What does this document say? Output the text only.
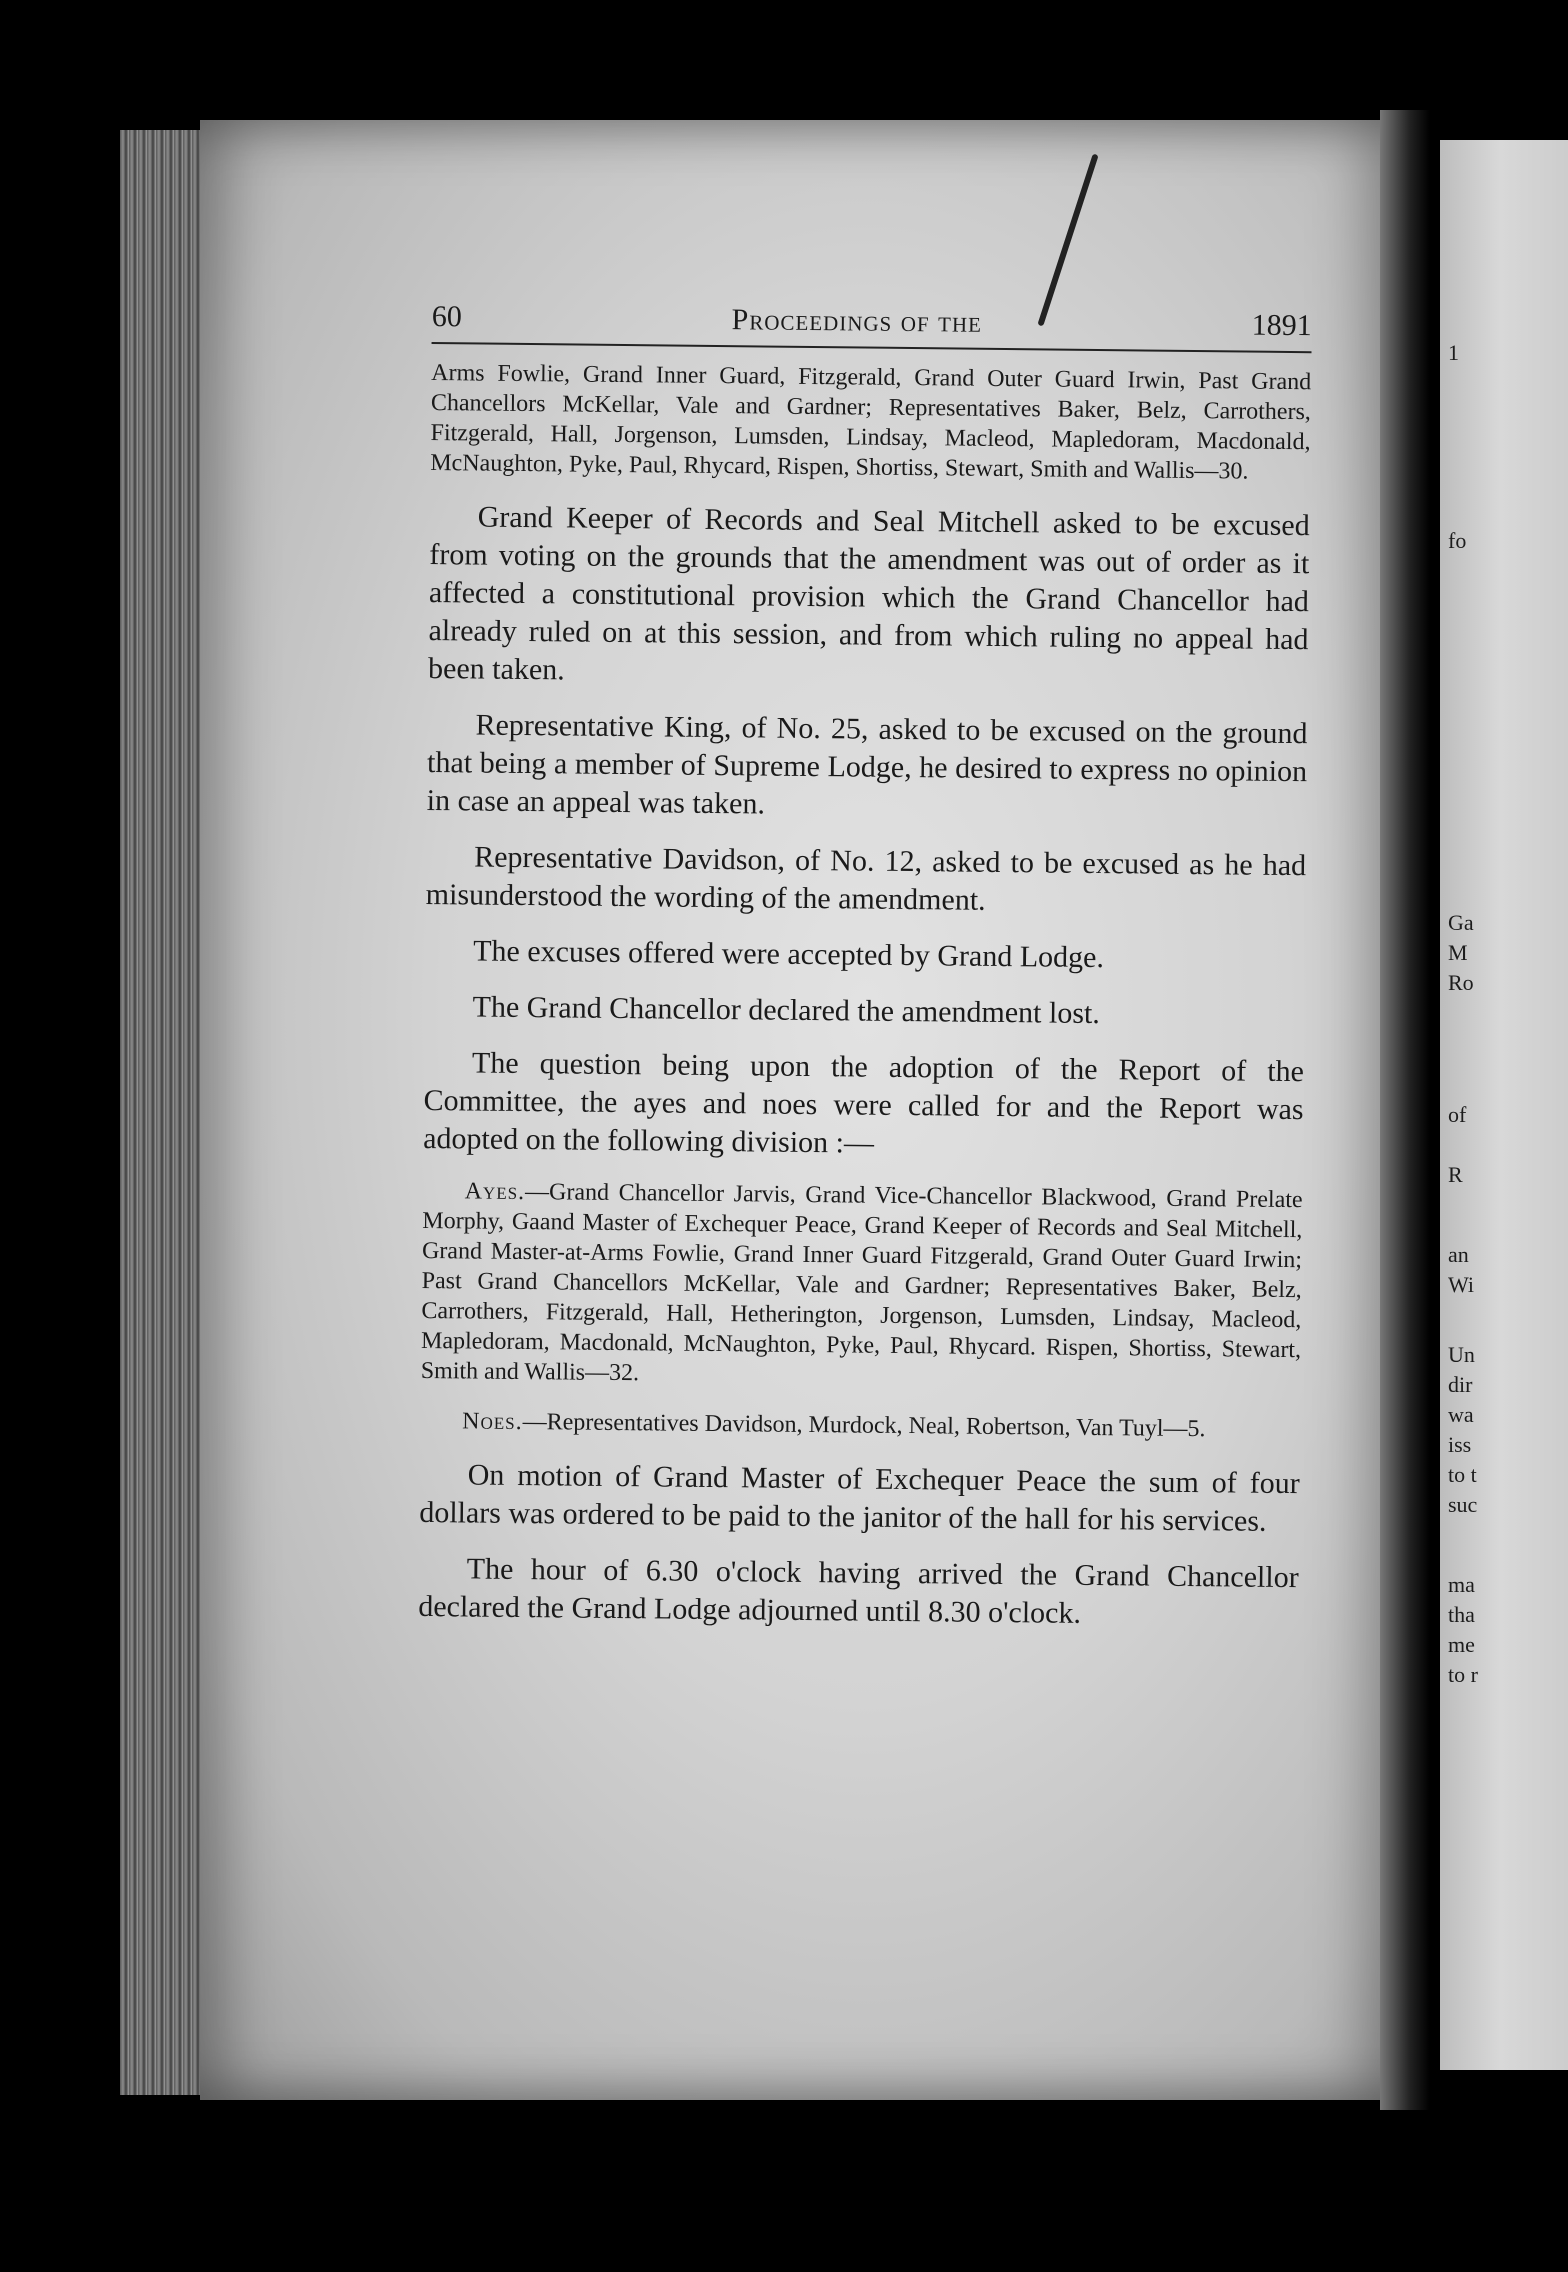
1

fo

Ga

M

Ro

of

R

an

Wi

Un

dir

wa

iss

to t

suc

ma

tha

me

to r

60	Proceedings of the	1891

Arms Fowlie, Grand Inner Guard, Fitzgerald, Grand Outer Guard Irwin, Past Grand Chancellors McKellar, Vale and Gardner; Representatives Baker, Belz, Carrothers, Fitzgerald, Hall, Jorgenson, Lumsden, Lindsay, Macleod, Mapledoram, Macdonald, McNaughton, Pyke, Paul, Rhycard, Rispen, Shortiss, Stewart, Smith and Wallis—30.

Grand Keeper of Records and Seal Mitchell asked to be excused from voting on the grounds that the amendment was out of order as it affected a constitutional provision which the Grand Chancellor had already ruled on at this session, and from which ruling no appeal had been taken.

Representative King, of No. 25, asked to be excused on the ground that being a member of Supreme Lodge, he desired to express no opinion in case an appeal was taken.

Representative Davidson, of No. 12, asked to be excused as he had misunderstood the wording of the amendment.

The excuses offered were accepted by Grand Lodge.

The Grand Chancellor declared the amendment lost.

The question being upon the adoption of the Report of the Committee, the ayes and noes were called for and the Report was adopted on the following division :—

Ayes.—Grand Chancellor Jarvis, Grand Vice-Chancellor Blackwood, Grand Prelate Morphy, Gaand Master of Exchequer Peace, Grand Keeper of Records and Seal Mitchell, Grand Master-at-Arms Fowlie, Grand Inner Guard Fitzgerald, Grand Outer Guard Irwin; Past Grand Chancellors McKellar, Vale and Gardner; Representatives Baker, Belz, Carrothers, Fitzgerald, Hall, Hetherington, Jorgenson, Lumsden, Lindsay, Macleod, Mapledoram, Macdonald, McNaughton, Pyke, Paul, Rhycard. Rispen, Shortiss, Stewart, Smith and Wallis—32.

Noes.—Representatives Davidson, Murdock, Neal, Robertson, Van Tuyl—5.

On motion of Grand Master of Exchequer Peace the sum of four dollars was ordered to be paid to the janitor of the hall for his services.

The hour of 6.30 o'clock having arrived the Grand Chancellor declared the Grand Lodge adjourned until 8.30 o'clock.
